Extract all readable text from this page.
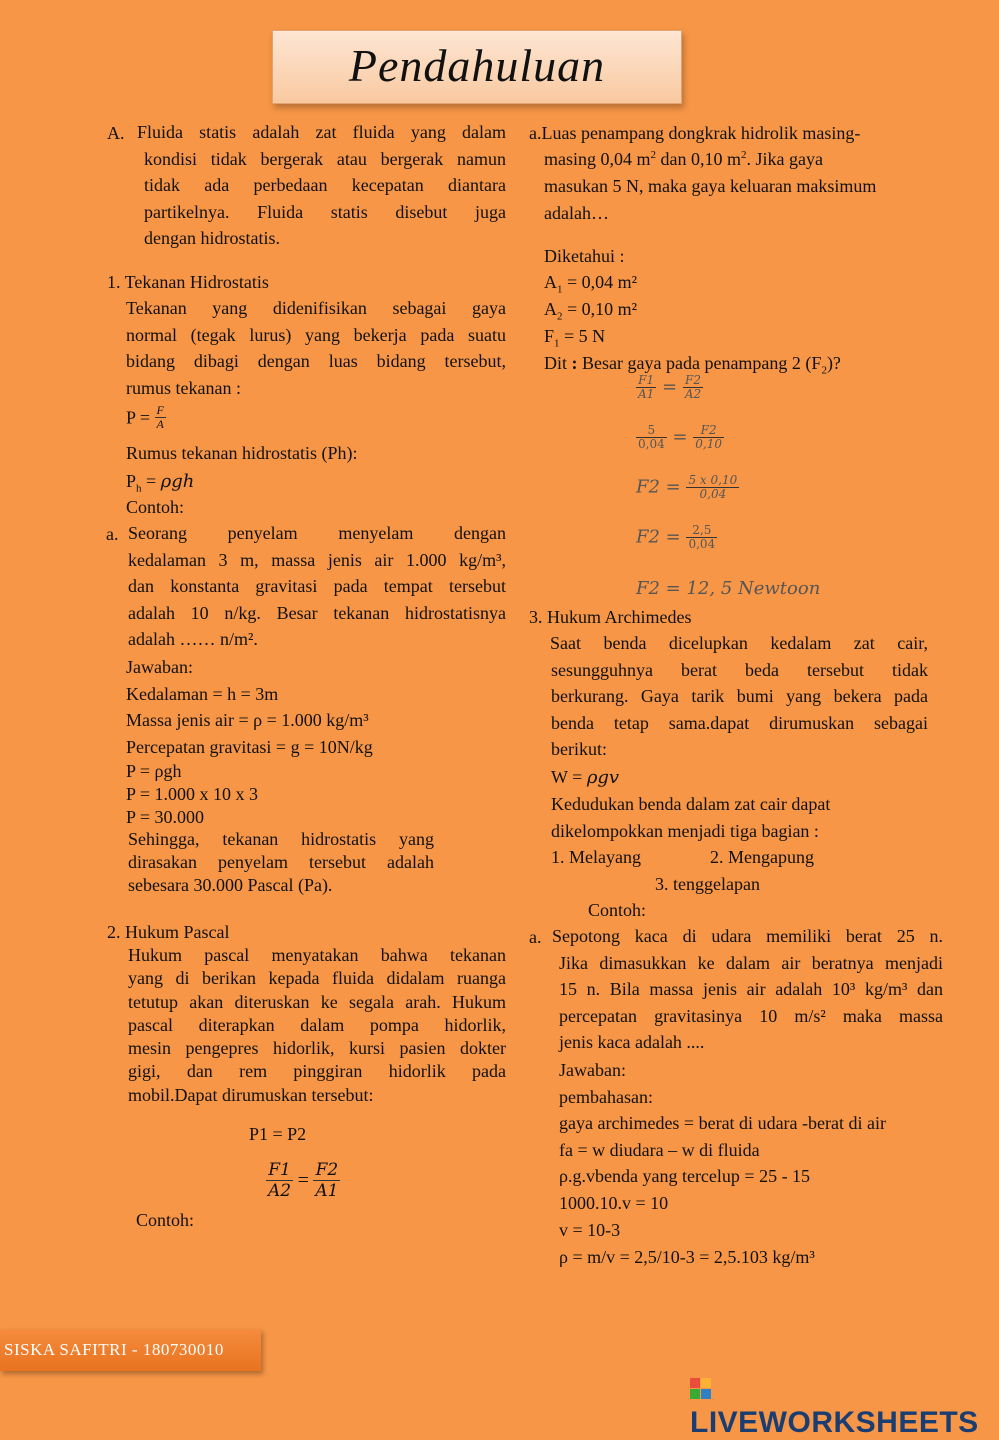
Pendahuluan
A. Fluida statis adalah zat fluida yang dalam
kondisi tidak bergerak atau bergerak namun
tidak ada perbedaan kecepatan diantara
partikelnya. Fluida statis disebut juga
dengan hidrostatis.
1. Tekanan Hidrostatis
Tekanan yang didenifisikan sebagai gaya
normal (tegak lurus) yang bekerja pada suatu
bidang dibagi dengan luas bidang tersebut,
rumus tekanan :
$P = \frac{F}{A}$
Rumus tekanan hidrostatis (Ph):
$P_h = \rho gh$
Contoh:
a. Seorang penyelam menyelam dengan
kedalaman 3 m, massa jenis air 1.000 kg/m³,
dan konstanta gravitasi pada tempat tersebut
adalah 10 n/kg. Besar tekanan hidrostatisnya
adalah …… n/m².
Jawaban:
Kedalaman = h = 3m
Massa jenis air = ρ = 1.000 kg/m³
Percepatan gravitasi = g = 10N/kg
P = ρgh
P = 1.000 x 10 x 3
P = 30.000
Sehingga, tekanan hidrostatis yang
dirasakan penyelam tersebut adalah
sebesara 30.000 Pascal (Pa).
2. Hukum Pascal
Hukum pascal menyatakan bahwa tekanan
yang di berikan kepada fluida didalam ruanga
tetutup akan diteruskan ke segala arah. Hukum
pascal diterapkan dalam pompa hidorlik,
mesin pengepres hidorlik, kursi pasien dokter
gigi, dan rem pinggiran hidorlik pada
mobil.Dapat dirumuskan tersebut:
P1 = P2
$\frac{F1}{A2} = \frac{F2}{A1}$
Contoh:
a.Luas penampang dongkrak hidrolik masing-
masing 0,04 $m^2$ dan 0,10 $m^2$. Jika gaya
masukan 5 N, maka gaya keluaran maksimum
adalah…
Diketahui :
$A_1 = 0,04$ m²
$A_2 = 0,10$ m²
$F_1 = 5$ N
Dit : Besar gaya pada penampang 2 $(F_2)$?
$\frac{F1}{A1} = \frac{F2}{A2}$
$\frac{5}{0,04} = \frac{F2}{0,10}$
$F2 = \frac{5 x 0,10}{0,04}$
$F2 = \frac{2,5}{0,04}$
F2 = 12, 5 Newtoon
3. Hukum Archimedes
Saat benda dicelupkan kedalam zat cair,
sesungguhnya berat beda tersebut tidak
berkurang. Gaya tarik bumi yang bekera pada
benda tetap sama.dapat dirumuskan sebagai
berikut:
W = ρgv
Kedudukan benda dalam zat cair dapat
dikelompokkan menjadi tiga bagian :
1. Melayang	2. Mengapung
3. tenggelapan
Contoh:
a. Sepotong kaca di udara memiliki berat 25 n.
Jika dimasukkan ke dalam air beratnya menjadi
15 n. Bila massa jenis air adalah 10³ kg/m³ dan
percepatan gravitasinya 10 m/s² maka massa
jenis kaca adalah ....
Jawaban:
pembahasan:
gaya archimedes = berat di udara -berat di air
fa = w diudara – w di fluida
ρ.g.vbenda yang tercelup = 25 - 15
1000.10.v = 10
v = 10-3
ρ = m/v = 2,5/10-3 = 2,5.103 kg/m³
SISKA SAFITRI - 180730010
LIVEWORKSHEETS
